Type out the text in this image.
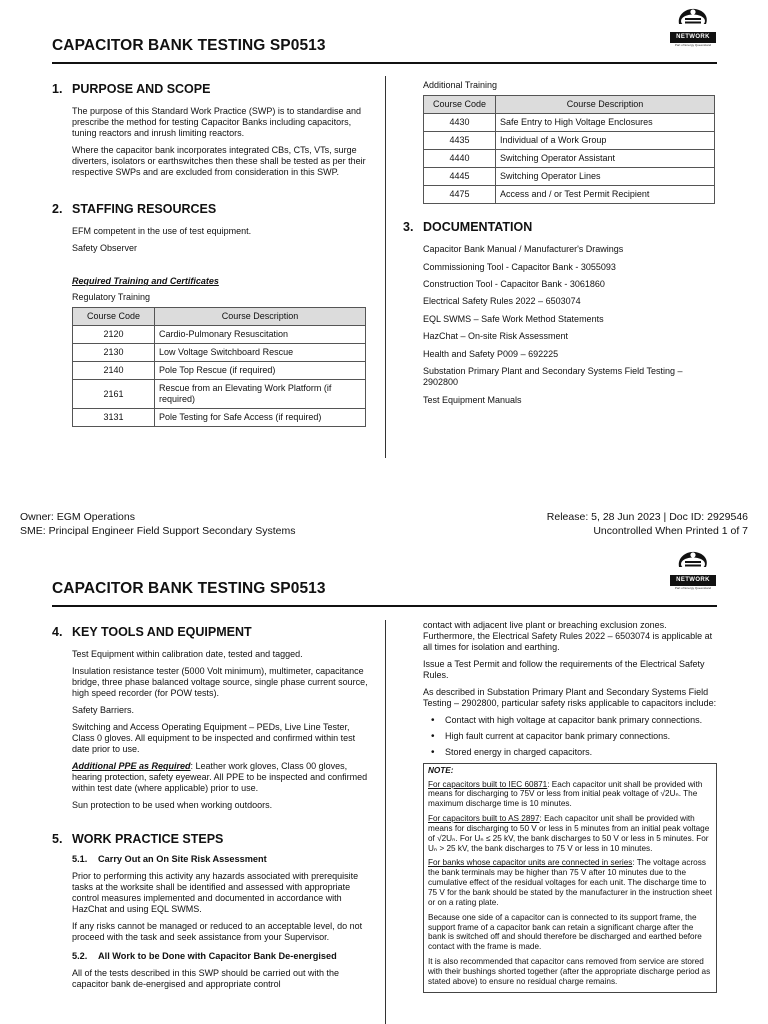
CAPACITOR BANK TESTING SP0513	NETWORK
Part of Energy Queensland
1. PURPOSE AND SCOPE

The purpose of this Standard Work Practice (SWP) is to standardise and prescribe the method for testing Capacitor Banks including capacitors, tuning reactors and inrush limiting reactors.

Where the capacitor bank incorporates integrated CBs, CTs, VTs, surge diverters, isolators or earthswitches then these shall be tested as per their respective SWPs and are excluded from consideration in this SWP.

2. STAFFING RESOURCES

EFM competent in the use of test equipment.

Safety Observer

Required Training and Certificates
Regulatory Training
Course Code	Course Description
2120	Cardio-Pulmonary Resuscitation
2130	Low Voltage Switchboard Rescue
2140	Pole Top Rescue (if required)
2161	Rescue from an Elevating Work Platform (if required)
3131	Pole Testing for Safe Access (if required)
Additional Training
Course Code	Course Description
4430	Safe Entry to High Voltage Enclosures
4435	Individual of a Work Group
4440	Switching Operator Assistant
4445	Switching Operator Lines
4475	Access and / or Test Permit Recipient
3. DOCUMENTATION
Capacitor Bank Manual / Manufacturer's Drawings
Commissioning Tool - Capacitor Bank - 3055093
Construction Tool - Capacitor Bank - 3061860
Electrical Safety Rules 2022 – 6503074
EQL SWMS – Safe Work Method Statements
HazChat – On-site Risk Assessment
Health and Safety P009 – 692225
Substation Primary Plant and Secondary Systems Field Testing – 2902800
Test Equipment Manuals
Owner: EGM Operations
SME: Principal Engineer Field Support Secondary Systems
Release: 5, 28 Jun 2023 | Doc ID: 2929546
Uncontrolled When Printed 1 of 7
CAPACITOR BANK TESTING SP0513	NETWORK
Part of Energy Queensland
4. KEY TOOLS AND EQUIPMENT

Test Equipment within calibration date, tested and tagged.

Insulation resistance tester (5000 Volt minimum), multimeter, capacitance bridge, three phase balanced voltage source, single phase current source, high speed recorder (for POW tests).

Safety Barriers.

Switching and Access Operating Equipment – PEDs, Live Line Tester, Class 0 gloves. All equipment to be inspected and confirmed within test date prior to use.

Additional PPE as Required: Leather work gloves, Class 00 gloves, hearing protection, safety eyewear. All PPE to be inspected and confirmed within test date (where applicable) prior to use.

Sun protection to be used when working outdoors.

5. WORK PRACTICE STEPS
5.1. Carry Out an On Site Risk Assessment

Prior to performing this activity any hazards associated with prerequisite tasks at the worksite shall be identified and assessed with appropriate control measures implemented and documented in accordance with HazChat and using EQL SWMS.

If any risks cannot be managed or reduced to an acceptable level, do not proceed with the task and seek assistance from your Supervisor.

5.2. All Work to be Done with Capacitor Bank De-energised

All of the tests described in this SWP should be carried out with the capacitor bank de-energised and appropriate control

contact with adjacent live plant or breaching exclusion zones. Furthermore, the Electrical Safety Rules 2022 – 6503074 is applicable at all times for isolation and earthing.

Issue a Test Permit and follow the requirements of the Electrical Safety Rules.

As described in Substation Primary Plant and Secondary Systems Field Testing – 2902800, particular safety risks applicable to capacitors include:

• Contact with high voltage at capacitor bank primary connections.
• High fault current at capacitor bank primary connections.
• Stored energy in charged capacitors.
NOTE:

For capacitors built to IEC 60871: Each capacitor unit shall be provided with means for discharging to 75V or less from initial peak voltage of √2Uₙ. The maximum discharge time is 10 minutes.

For capacitors built to AS 2897: Each capacitor unit shall be provided with means for discharging to 50 V or less in 5 minutes from an initial peak voltage of √2Uₙ. For Uₙ ≤ 25 kV, the bank discharges to 50 V or less in 5 minutes. For Uₙ > 25 kV, the bank discharges to 75 V or less in 10 minutes.

For banks whose capacitor units are connected in series: The voltage across the bank terminals may be higher than 75 V after 10 minutes due to the cumulative effect of the residual voltages for each unit. The discharge time to 75 V for the bank should be stated by the manufacturer in the instruction sheet or on a rating plate.

Because one side of a capacitor can is connected to its support frame, the support frame of a capacitor bank can retain a significant charge after the bank is switched off and should therefore be discharged and earthed before contact with the frame is made.

It is also recommended that capacitor cans removed from service are stored with their bushings shorted together (after the appropriate discharge period as stated above) to ensure no residual charge remains.
